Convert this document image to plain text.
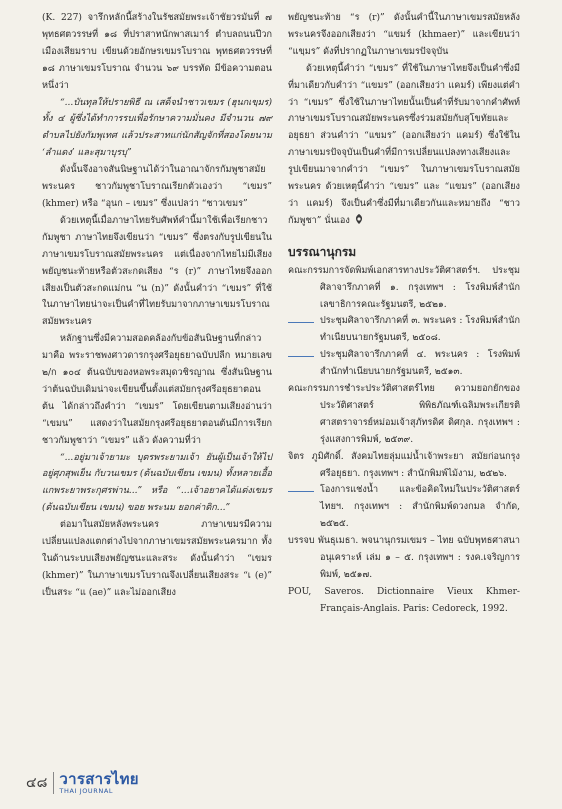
(K. 227) จารึกหลักนี้สร้างในรัชสมัยพระเจ้าชัยวรมันที่ ๗ พุทธศตวรรษที่ ๑๘ ที่ปราสาทนักพาสเมาร์ ตำบลถนนปีวก เมืองเสียมราบ เขียนด้วยอักษรเขมรโบราณ พุทธศตวรรษที่ ๑๘ ภาษาเขมรโบราณ จำนวน ๖๙ บรรทัด มีข้อความตอนหนึ่งว่า

“...บันทุลให้ปรายพิธี ณ เสด็จนำชาวเขมร (ฮุนกเขฺมร) ทั้ง ๔ ผู้ซึ่งได้ทำการรบเพื่อรักษาความมั่นคง มีจำนวน ๗๙ ตำบลไปยังกัมพุเทศ แล้วประสาทแก่นักสัญจักที่สองโดยนาม ‘ลำแดง’ และสุมาบุรบุ”

ดังนั้นจึงอาจสันนิษฐานได้ว่าในอาณาจักรกัมพูชาสมัยพระนคร ชาวกัมพูชาโบราณเรียกตัวเองว่า “เขมร” (khmer) หรือ “อุนก – เขมร” ซึ่งแปลว่า “ชาวเขมร”

ด้วยเหตุนี้เมื่อภาษาไทยรับศัพท์คำนี้มาใช้เพื่อเรียกชาวกัมพูชา ภาษาไทยจึงเขียนว่า “เขมร” ซึ่งตรงกับรูปเขียนในภาษาเขมรโบราณสมัยพระนคร แต่เนื่องจากไทยไม่มีเสียงพยัญชนะท้ายหรือตัวสะกดเสียง “ร (r)” ภาษาไทยจึงออกเสียงเป็นตัวสะกดแม่กน “น (n)” ดังนั้นคำว่า “เขมร” ที่ใช้ในภาษาไทยน่าจะเป็นคำที่ไทยรับมาจากภาษาเขมรโบราณสมัยพระนคร

หลักฐานซึ่งมีความสอดคล้องกับข้อสันนิษฐานที่กล่าวมาคือ พระราชพงศาวดารกรุงศรีอยุธยาฉบับปลีก หมายเลข ๒/ก ๑๐๔ ต้นฉบับของหอพระสมุดวชิรญาณ ซึ่งสันนิษฐานว่าต้นฉบับเดิมน่าจะเขียนขึ้นตั้งแต่สมัยกรุงศรีอยุธยาตอนต้น ได้กล่าวถึงคำว่า “เขมร” โดยเขียนตามเสียงอ่านว่า “เขมน” แสดงว่าในสมัยกรุงศรีอยุธยาตอนต้นมีการเรียกชาวกัมพูชาว่า “เขมร” แล้ว ดังความที่ว่า

“...อยู่มาเจ้ายามะ บุตรพระยามเจ้า ยันผู้เป็นเจ้าให้ไปอยู่ศุภสุพเย็น กับวนเขมร (ต้นฉบับเขียน เขมน) ทั้งหลายเอื้อแกพระยาพระกุศรพ่าน...” หรือ “...เจ้าอยาคได้แต่งเขมร (ต้นฉบับเขียน เขมน) ขอย พระนม ยอกค่าติก...”

ต่อมาในสมัยหลังพระนคร ภาษาเขมรมีความเปลี่ยนแปลงแตกต่างไปจากภาษาเขมรสมัยพระนครมาก ทั้งในด้านระบบเสียงพยัญชนะและสระ ดังนั้นคำว่า “เขมร (khmer)” ในภาษาเขมรโบราณจึงเปลี่ยนเสียงสระ “เ (e)” เป็นสระ “แ (ae)” และไม่ออกเสียง

พยัญชนะท้าย “ร (r)” ดังนั้นคำนี้ในภาษาเขมรสมัยหลังพระนครจึงออกเสียงว่า “แขมร์ (khmaer)” และเขียนว่า “แขฺมร” ดังที่ปรากฏในภาษาเขมรปัจจุบัน

ด้วยเหตุนี้คำว่า “เขมร” ที่ใช้ในภาษาไทยจึงเป็นคำซึ่งมีที่มาเดียวกับคำว่า “แขมร” (ออกเสียงว่า แคมร์) เพียงแต่คำว่า “เขมร” ซึ่งใช้ในภาษาไทยนั้นเป็นคำที่รับมาจากคำศัพท์ภาษาเขมรโบราณสมัยพระนครซึ่งร่วมสมัยกับสุโขทัยและอยุธยา ส่วนคำว่า “แขมร” (ออกเสียงว่า แคมร์) ซึ่งใช้ในภาษาเขมรปัจจุบันเป็นคำที่มีการเปลี่ยนแปลงทางเสียงและรูปเขียนมาจากคำว่า “เขมร” ในภาษาเขมรโบราณสมัยพระนคร ด้วยเหตุนี้คำว่า “เขมร” และ “แขมร” (ออกเสียงว่า แคมร์) จึงเป็นคำซึ่งมีที่มาเดียวกันและหมายถึง “ชาวกัมพูชา” นั่นเอง

บรรณานุกรม

คณะกรรมการจัดพิมพ์เอกสารทางประวัติศาสตร์ฯ. ประชุมศิลาจารึกภาคที่ ๑. กรุงเทพฯ : โรงพิมพ์สำนักเลขาธิการคณะรัฐมนตรี, ๒๕๒๑.

ประชุมศิลาจารึกภาคที่ ๓. พระนคร : โรงพิมพ์สำนักทำเนียบนายกรัฐมนตรี, ๒๕๐๘.

ประชุมศิลาจารึกภาคที่ ๔. พระนคร : โรงพิมพ์สำนักทำเนียบนายกรัฐมนตรี, ๒๕๑๓.

คณะกรรมการชำระประวัติศาสตร์ไทย ความยอกยักของประวัติศาสตร์ พิพิธภัณฑ์เฉลิมพระเกียรติ ศาสตราจารย์หม่อมเจ้าสุภัทรดิศ ดิศกุล. กรุงเทพฯ : รุ่งแสงการพิมพ์, ๒๕๓๙.

จิตร ภูมิศักดิ์. สังคมไทยลุ่มแม่น้ำเจ้าพระยา สมัยก่อนกรุงศรีอยุธยา. กรุงเทพฯ : สำนักพิมพ์ไม้งาม, ๒๕๒๖.

โองการแช่งน้ำ และข้อคิดใหม่ในประวัติศาสตร์ไทยฯ. กรุงเทพฯ : สำนักพิมพ์ดวงกมล จำกัด, ๒๕๒๕.

บรรจบ พันธุเมธา. พจนานุกรมเขมร – ไทย ฉบับพุทธศาสนาอนุเคราะห์ เล่ม ๑ – ๕. กรุงเทพฯ : รงค.เจริญการพิมพ์, ๒๕๑๗.

POU, Saveros. Dictionnaire Vieux Khmer-Français-Anglais. Paris: Cedoreck, 1992.

๔๘ วารสารไทย
THAI JOURNAL
